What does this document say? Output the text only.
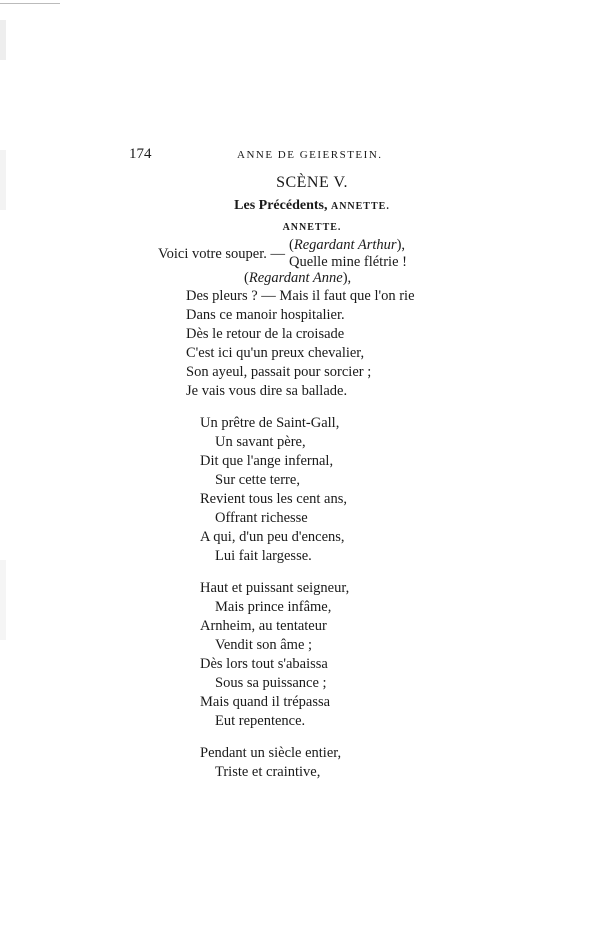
174	ANNE DE GEIERSTEIN.
SCÈNE V.
Les Précédents, ANNETTE.
ANNETTE.
Voici votre souper. —
(Regardant Arthur),
Quelle mine flétrie !
(Regardant Anne),
Des pleurs ? — Mais il faut que l'on rie
Dans ce manoir hospitalier.
Dès le retour de la croisade
C'est ici qu'un preux chevalier,
Son ayeul, passait pour sorcier ;
Je vais vous dire sa ballade.
Un prêtre de Saint-Gall,
Un savant père,
Dit que l'ange infernal,
Sur cette terre,
Revient tous les cent ans,
Offrant richesse
A qui, d'un peu d'encens,
Lui fait largesse.
Haut et puissant seigneur,
Mais prince infâme,
Arnheim, au tentateur
Vendit son âme ;
Dès lors tout s'abaissa
Sous sa puissance ;
Mais quand il trépassa
Eut repentence.
Pendant un siècle entier,
Triste et craintive,
